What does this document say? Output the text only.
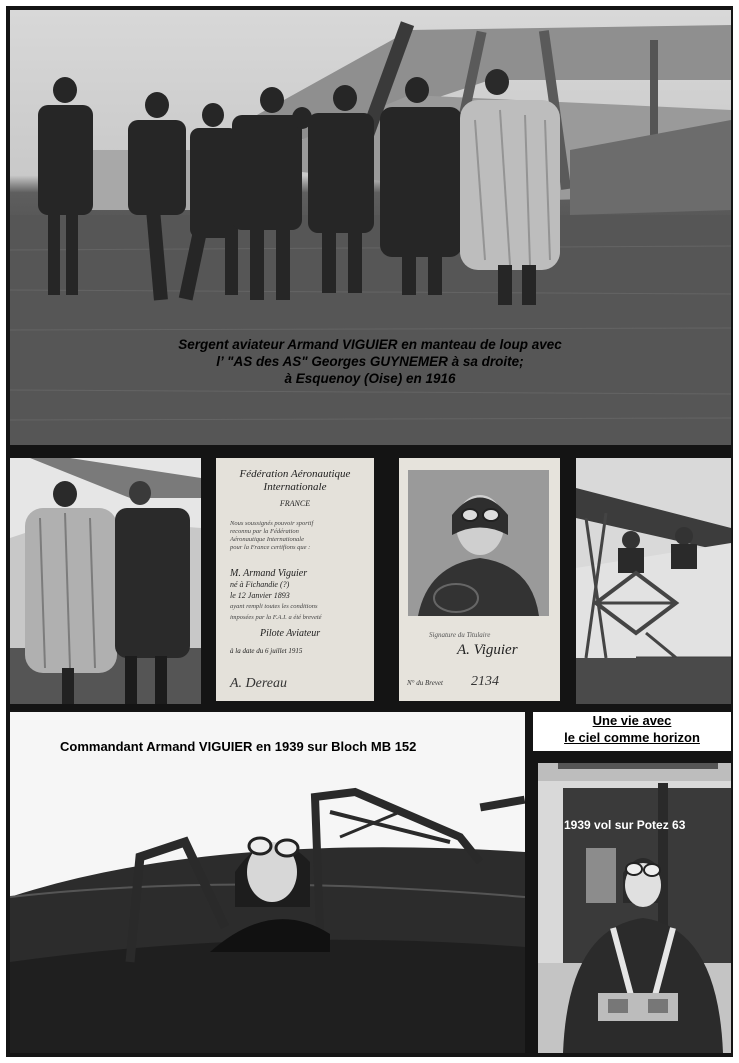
Sergent aviateur Armand VIGUIER en manteau de loup avec
l’ "AS des AS" Georges GUYNEMER à sa droite;
à Esquenoy (Oise) en 1916
Fédération Aéronautique
Internationale
FRANCE
Nous soussignés pouvoir sportif
reconnu par la Fédération
Aéronautique Internationale
pour la France certifions que :
M. Armand Viguier
né à Fichandie (?)
le 12 Janvier 1893
ayant rempli toutes les conditions
imposées par la F.A.I. a été breveté
Pilote Aviateur
à la date du 6 juillet 1915
A. Dereau
Signature du Titulaire
A. Viguier
N° du Brevet 2134
Commandant Armand VIGUIER en 1939 sur Bloch MB 152
Une vie avec
le ciel comme horizon
1939 vol sur Potez 63
